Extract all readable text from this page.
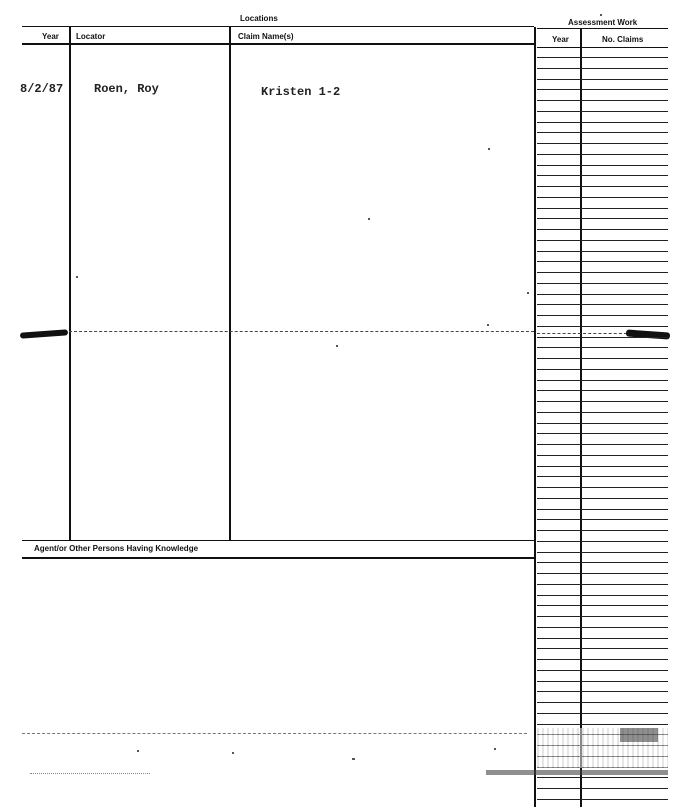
Locations	Assessment Work
Year Locator	Claim Name(s)	Year	No. Claims
Agent/or Other Persons Having Knowledge
8/2/87	Roen, Roy	Kristen 1-2
